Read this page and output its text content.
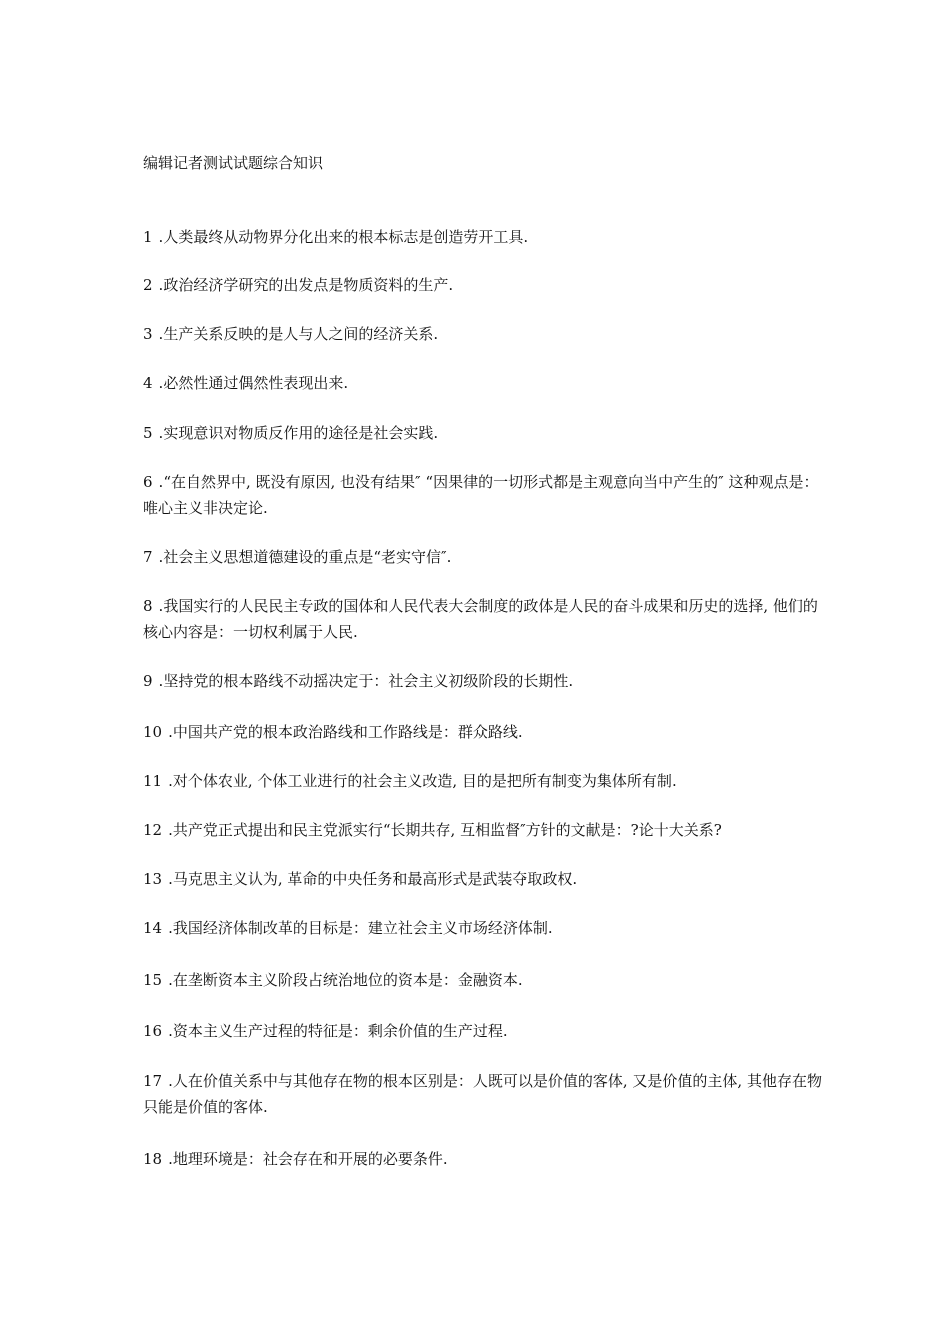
编辑记者测试试题综合知识

1 .人类最终从动物界分化出来的根本标志是创造劳开工具.

2 .政治经济学研究的出发点是物质资料的生产.

3 .生产关系反映的是人与人之间的经济关系.

4 .必然性通过偶然性表现出来.

5 .实现意识对物质反作用的途径是社会实践.

6 .“在自然界中, 既没有原因, 也没有结果″ “因果律的一切形式都是主观意向当中产生的″ 这种观点是：唯心主义非决定论.

7 .社会主义思想道德建设的重点是“老实守信″.

8 .我国实行的人民民主专政的国体和人民代表大会制度的政体是人民的奋斗成果和历史的选择, 他们的核心内容是：一切权利属于人民.

9 .坚持党的根本路线不动摇决定于：社会主义初级阶段的长期性.

10 .中国共产党的根本政治路线和工作路线是：群众路线.

11 .对个体农业, 个体工业进行的社会主义改造, 目的是把所有制变为集体所有制.

12 .共产党正式提出和民主党派实行“长期共存, 互相监督″方针的文献是：?论十大关系?

13 .马克思主义认为, 革命的中央任务和最高形式是武装夺取政权.

14 .我国经济体制改革的目标是：建立社会主义市场经济体制.

15 .在垄断资本主义阶段占统治地位的资本是：金融资本.

16 .资本主义生产过程的特征是：剩余价值的生产过程.

17 .人在价值关系中与其他存在物的根本区别是：人既可以是价值的客体, 又是价值的主体, 其他存在物只能是价值的客体.

18 .地理环境是：社会存在和开展的必要条件.
